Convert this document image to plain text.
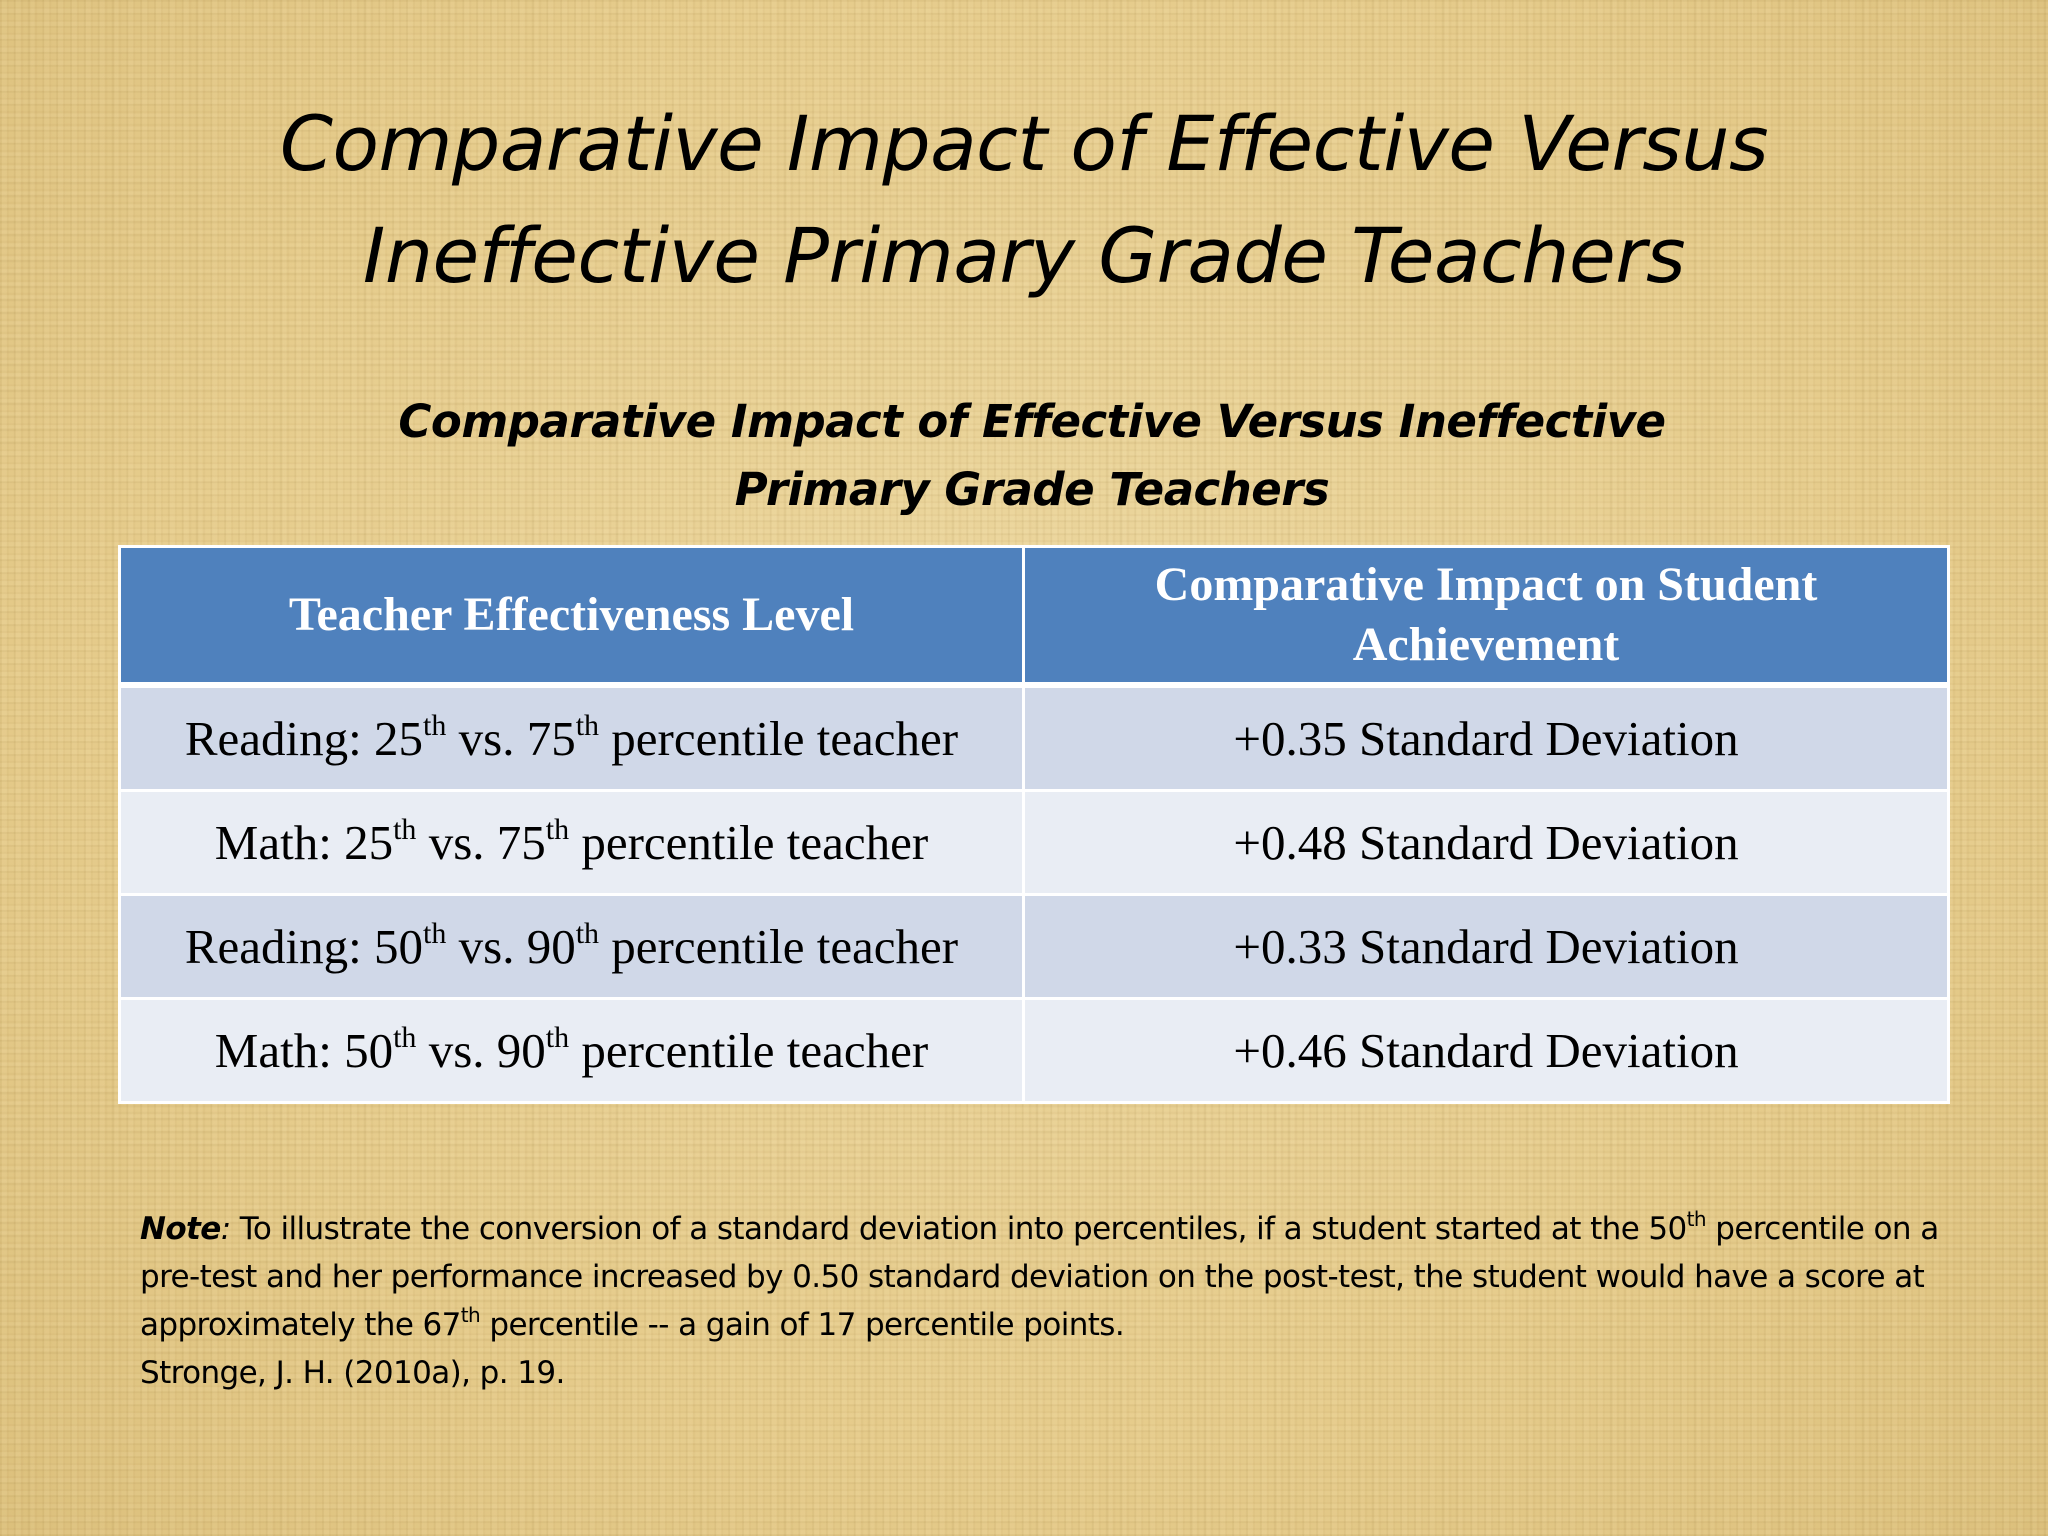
Comparative Impact of Effective Versus
Ineffective Primary Grade Teachers
Comparative Impact of Effective Versus Ineffective
Primary Grade Teachers
Teacher Effectiveness Level	Comparative Impact on Student Achievement
Reading: 25th vs. 75th percentile teacher	+0.35 Standard Deviation
Math: 25th vs. 75th percentile teacher	+0.48 Standard Deviation
Reading: 50th vs. 90th percentile teacher	+0.33 Standard Deviation
Math: 50th vs. 90th percentile teacher	+0.46 Standard Deviation

Note: To illustrate the conversion of a standard deviation into percentiles, if a student started at the 50th percentile on a pre-test and her performance increased by 0.50 standard deviation on the post-test, the student would have a score at approximately the 67th percentile -- a gain of 17 percentile points.
Stronge, J. H. (2010a), p. 19.
